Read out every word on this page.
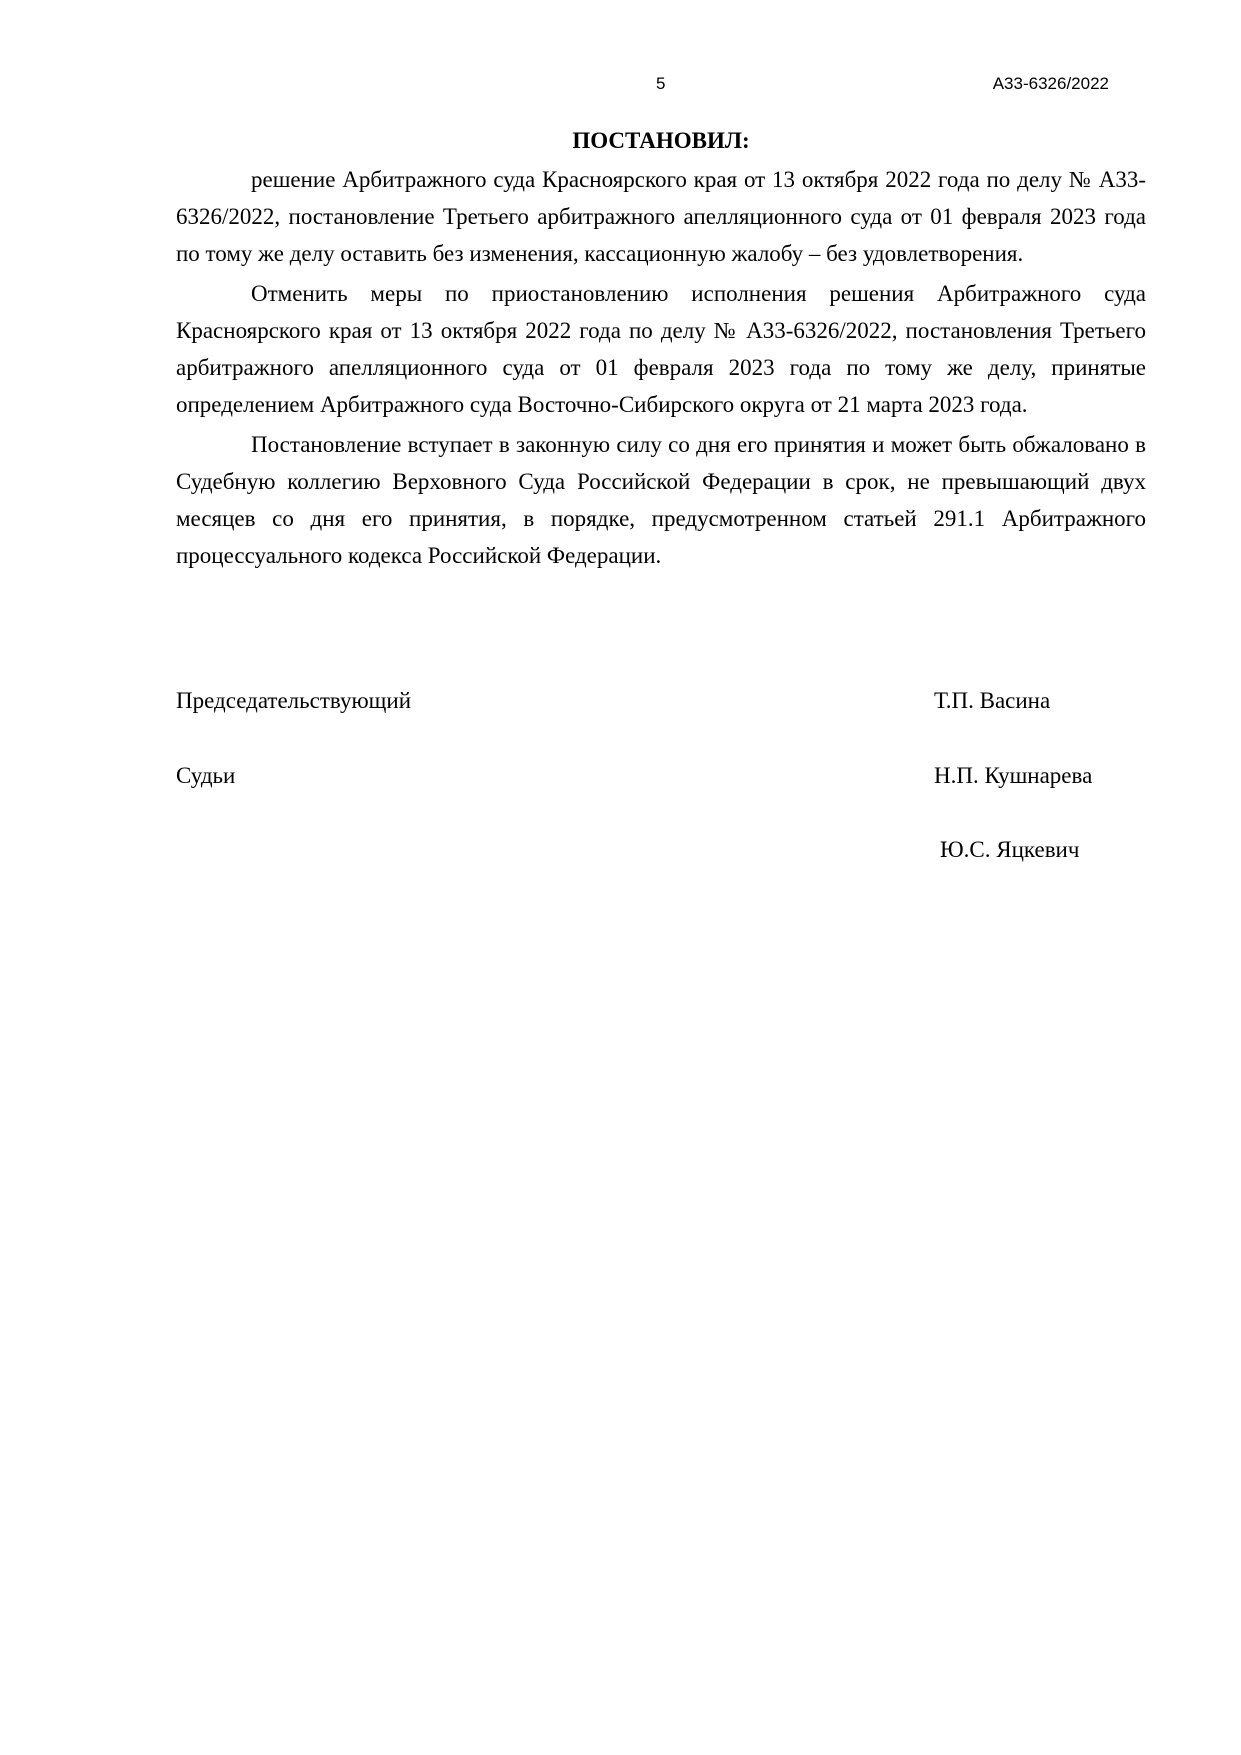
5	А33-6326/2022
ПОСТАНОВИЛ:

решение Арбитражного суда Красноярского края от 13 октября 2022 года по делу № А33-6326/2022, постановление Третьего арбитражного апелляционного суда от 01 февраля 2023 года по тому же делу оставить без изменения, кассационную жалобу – без удовлетворения.

Отменить меры по приостановлению исполнения решения Арбитражного суда Красноярского края от 13 октября 2022 года по делу № А33-6326/2022, постановления Третьего арбитражного апелляционного суда от 01 февраля 2023 года по тому же делу, принятые определением Арбитражного суда Восточно-Сибирского округа от 21 марта 2023 года.

Постановление вступает в законную силу со дня его принятия и может быть обжаловано в Судебную коллегию Верховного Суда Российской Федерации в срок, не превышающий двух месяцев со дня его принятия, в порядке, предусмотренном статьей 291.1 Арбитражного процессуального кодекса Российской Федерации.

Председательствующий	Т.П. Васина
Судьи	Н.П. Кушнарева
Ю.С. Яцкевич
